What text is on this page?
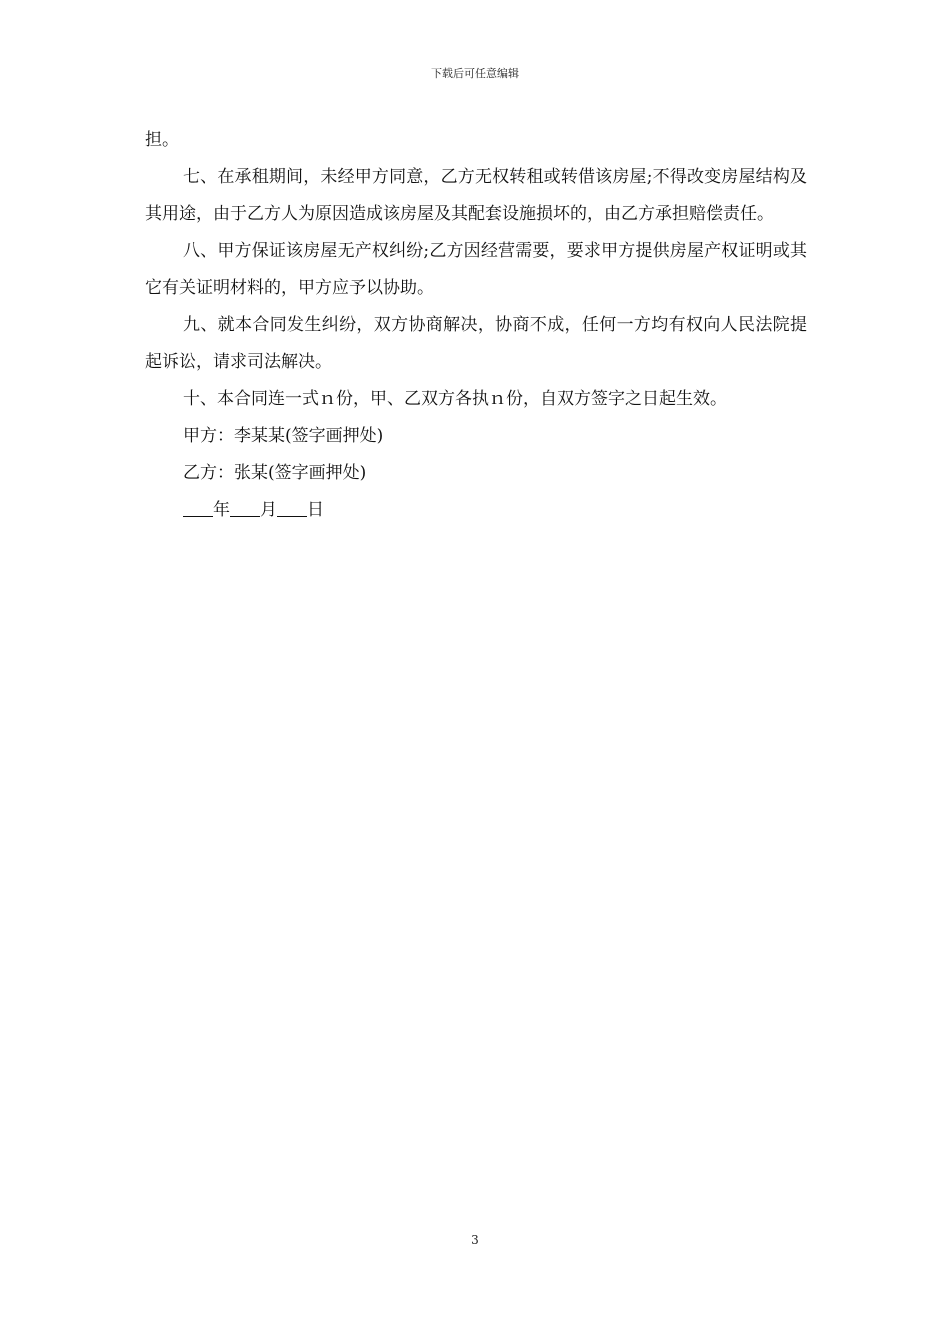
下载后可任意编辑

担。

七、在承租期间，未经甲方同意，乙方无权转租或转借该房屋;不得改变房屋结构及其用途，由于乙方人为原因造成该房屋及其配套设施损坏的，由乙方承担赔偿责任。

八、甲方保证该房屋无产权纠纷;乙方因经营需要，要求甲方提供房屋产权证明或其它有关证明材料的，甲方应予以协助。

九、就本合同发生纠纷，双方协商解决，协商不成，任何一方均有权向人民法院提起诉讼，请求司法解决。

十、本合同连一式ｎ份，甲、乙双方各执ｎ份，自双方签字之日起生效。

甲方：李某某(签字画押处)

乙方：张某(签字画押处)

年 月 日

3
